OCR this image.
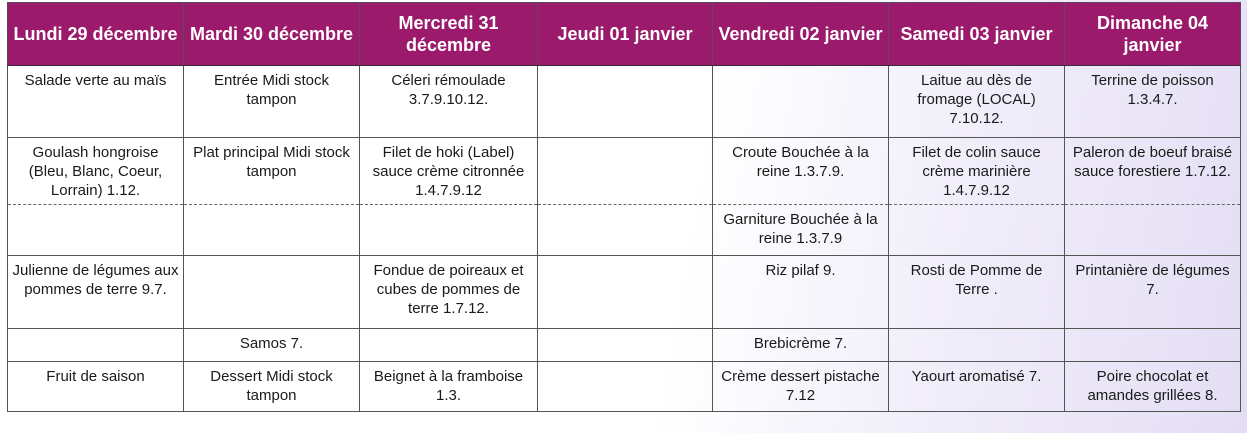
Lundi 29 décembre	Mardi 30 décembre	Mercredi 31 décembre	Jeudi 01 janvier	Vendredi 02 janvier	Samedi 03 janvier	Dimanche 04 janvier
Salade verte au maïs	Entrée Midi stock tampon	Céleri rémoulade 3.7.9.10.12.			Laitue au dès de fromage (LOCAL) 7.10.12.	Terrine de poisson 1.3.4.7.
Goulash hongroise (Bleu, Blanc, Coeur, Lorrain) 1.12.	Plat principal Midi stock tampon	Filet de hoki (Label) sauce crème citronnée 1.4.7.9.12		Croute Bouchée à la reine 1.3.7.9.	Filet de colin sauce crème marinière 1.4.7.9.12	Paleron de boeuf braisé sauce forestiere 1.7.12.
				Garniture Bouchée à la reine 1.3.7.9		
Julienne de légumes aux pommes de terre 9.7.		Fondue de poireaux et cubes de pommes de terre 1.7.12.		Riz pilaf 9.	Rosti de Pomme de Terre .	Printanière de légumes 7.
	Samos 7.			Brebicrème 7.		
Fruit de saison	Dessert Midi stock tampon	Beignet à la framboise 1.3.		Crème dessert pistache 7.12	Yaourt aromatisé 7.	Poire chocolat et amandes grillées 8.
